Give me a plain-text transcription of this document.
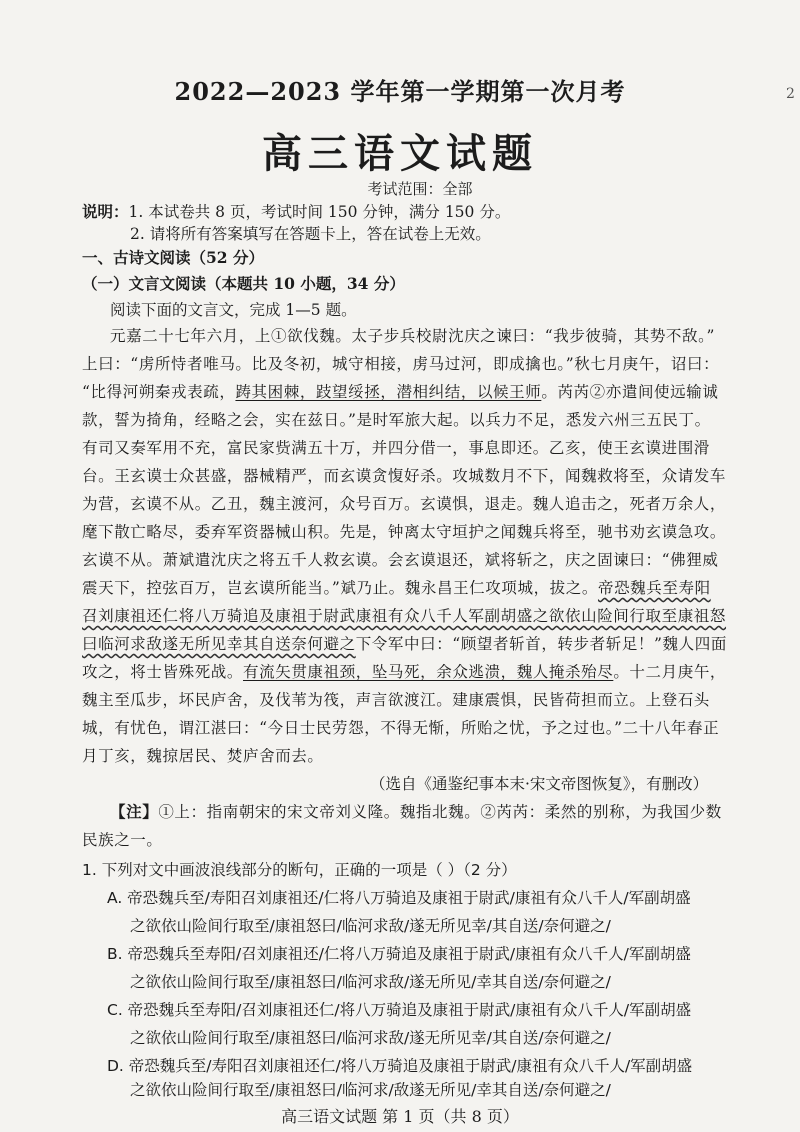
2
2022—2023 学年第一学期第一次月考
高三语文试题
考试范围：全部
说明：1. 本试卷共 8 页，考试时间 150 分钟，满分 150 分。
2. 请将所有答案填写在答题卡上，答在试卷上无效。
一、古诗文阅读（52 分）
（一）文言文阅读（本题共 10 小题，34 分）
阅读下面的文言文，完成 1—5 题。
元嘉二十七年六月，上①欲伐魏。太子步兵校尉沈庆之谏曰：“我步彼骑，其势不敌。”
上曰：“虏所恃者唯马。比及冬初，城守相接，虏马过河，即成擒也。”秋七月庚午，诏曰：
“比得河朔秦戎表疏，踌其困棘，跂望绥拯，潜相纠结，以候王师。芮芮②亦遣间使远输诚
款，誓为掎角，经略之会，实在兹日。”是时军旅大起。以兵力不足，悉发六州三五民丁。
有司又奏军用不充，富民家赀满五十万，并四分借一，事息即还。乙亥，使王玄谟进围滑
台。王玄谟士众甚盛，器械精严，而玄谟贪愎好杀。攻城数月不下，闻魏救将至，众请发车
为营，玄谟不从。乙丑，魏主渡河，众号百万。玄谟惧，退走。魏人追击之，死者万余人，
麾下散亡略尽，委弃军资器械山积。先是，钟离太守垣护之闻魏兵将至，驰书劝玄谟急攻。
玄谟不从。萧斌遣沈庆之将五千人救玄谟。会玄谟退还，斌将斩之，庆之固谏曰：“佛狸威
震天下，控弦百万，岂玄谟所能当。”斌乃止。魏永昌王仁攻项城，拔之。帝恐魏兵至寿阳
召刘康祖还仁将八万骑追及康祖于尉武康祖有众八千人军副胡盛之欲依山险间行取至康祖怒
曰临河求敌遂无所见幸其自送奈何避之下令军中曰：“顾望者斩首，转步者斩足！”魏人四面
攻之，将士皆殊死战。有流矢贯康祖颈，坠马死，余众逃溃，魏人掩杀殆尽。十二月庚午，
魏主至瓜步，坏民庐舍，及伐苇为筏，声言欲渡江。建康震惧，民皆荷担而立。上登石头
城，有忧色，谓江湛曰：“今日士民劳怨，不得无惭，所贻之忧，予之过也。”二十八年春正
月丁亥，魏掠居民、焚庐舍而去。
（选自《通鉴纪事本末·宋文帝图恢复》，有删改）
【注】①上：指南朝宋的宋文帝刘义隆。魏指北魏。②芮芮：柔然的别称，为我国少数
民族之一。
1. 下列对文中画波浪线部分的断句，正确的一项是（ ）（2 分）
A. 帝恐魏兵至/寿阳召刘康祖还/仁将八万骑追及康祖于尉武/康祖有众八千人/军副胡盛
之欲依山险间行取至/康祖怒曰/临河求敌/遂无所见幸/其自送/奈何避之/
B. 帝恐魏兵至寿阳/召刘康祖还/仁将八万骑追及康祖于尉武/康祖有众八千人/军副胡盛
之欲依山险间行取至/康祖怒曰/临河求敌/遂无所见/幸其自送/奈何避之/
C. 帝恐魏兵至寿阳/召刘康祖还仁/将八万骑追及康祖于尉武/康祖有众八千人/军副胡盛
之欲依山险间行取至/康祖怒曰/临河求敌/遂无所见幸/其自送/奈何避之/
D. 帝恐魏兵至/寿阳召刘康祖还仁/将八万骑追及康祖于尉武/康祖有众八千人/军副胡盛
之欲依山险间行取至/康祖怒曰/临河求/敌遂无所见/幸其自送/奈何避之/
高三语文试题 第 1 页（共 8 页）
